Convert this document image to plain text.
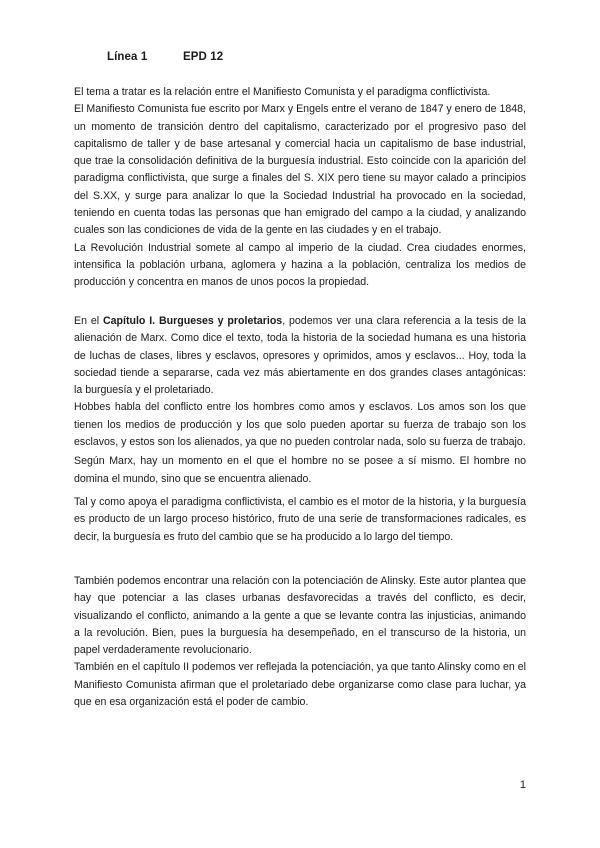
Línea 1	EPD 12

El tema a tratar es la relación entre el Manifiesto Comunista y el paradigma conflictivista.

El Manifiesto Comunista fue escrito por Marx y Engels entre el verano de 1847 y enero de 1848, un momento de transición dentro del capitalismo, caracterizado por el progresivo paso del capitalismo de taller y de base artesanal y comercial hacia un capitalismo de base industrial, que trae la consolidación definitiva de la burguesía industrial. Esto coincide con la aparición del paradigma conflictivista, que surge a finales del S. XIX pero tiene su mayor calado a principios del S.XX, y surge para analizar lo que la Sociedad Industrial ha provocado en la sociedad, teniendo en cuenta todas las personas que han emigrado del campo a la ciudad, y analizando cuales son las condiciones de vida de la gente en las ciudades y en el trabajo.

La Revolución Industrial somete al campo al imperio de la ciudad. Crea ciudades enormes, intensifica la población urbana, aglomera y hazina a la población, centraliza los medios de producción y concentra en manos de unos pocos la propiedad.

En el Capítulo I. Burgueses y proletarios, podemos ver una clara referencia a la tesis de la alienación de Marx. Como dice el texto, toda la historia de la sociedad humana es una historia de luchas de clases, libres y esclavos, opresores y oprimidos, amos y esclavos... Hoy, toda la sociedad tiende a separarse, cada vez más abiertamente en dos grandes clases antagónicas: la burguesía y el proletariado.

Hobbes habla del conflicto entre los hombres como amos y esclavos. Los amos son los que tienen los medios de producción y los que solo pueden aportar su fuerza de trabajo son los esclavos, y estos son los alienados, ya que no pueden controlar nada, solo su fuerza de trabajo.

Según Marx, hay un momento en el que el hombre no se posee a sí mismo. El hombre no domina el mundo, sino que se encuentra alienado.

Tal y como apoya el paradigma conflictivista, el cambio es el motor de la historia, y la burguesía es producto de un largo proceso histórico, fruto de una serie de transformaciones radicales, es decir, la burguesía es fruto del cambio que se ha producido a lo largo del tiempo.

También podemos encontrar una relación con la potenciación de Alinsky. Este autor plantea que hay que potenciar a las clases urbanas desfavorecidas a través del conflicto, es decir, visualizando el conflicto, animando a la gente a que se levante contra las injusticias, animando a la revolución. Bien, pues la burguesía ha desempeñado, en el transcurso de la historia, un papel verdaderamente revolucionario.

También en el capítulo II podemos ver reflejada la potenciación, ya que tanto Alinsky como en el Manifiesto Comunista afirman que el proletariado debe organizarse como clase para luchar, ya que en esa organización está el poder de cambio.

1
